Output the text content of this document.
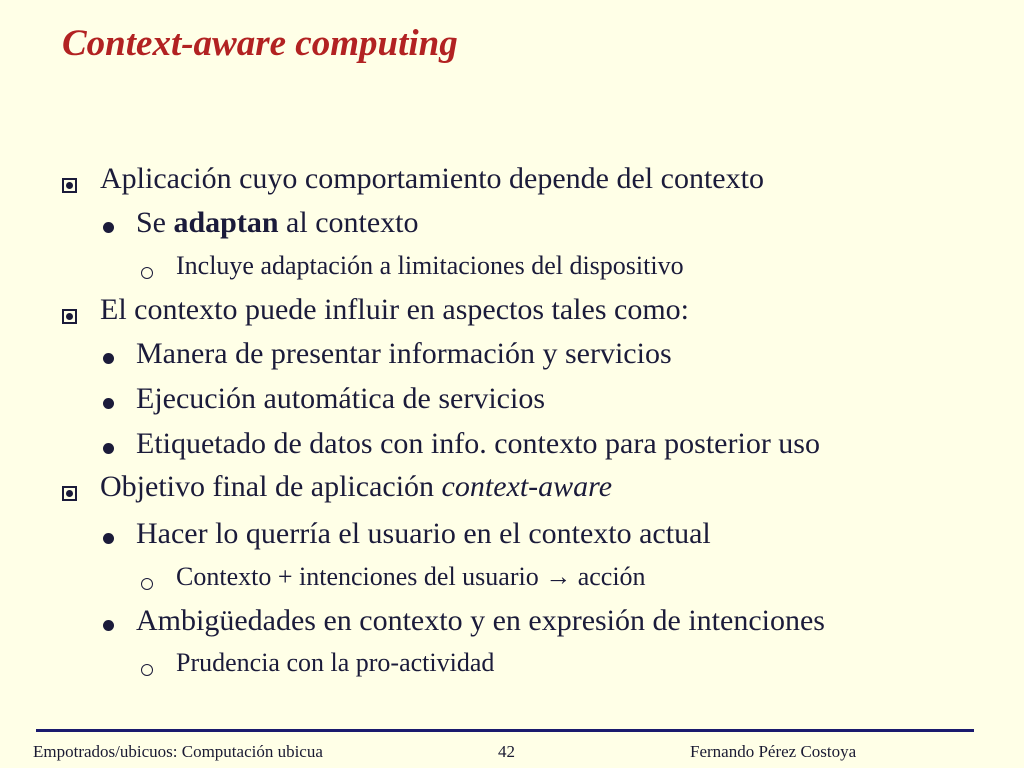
Context-aware computing
Aplicación cuyo comportamiento depende del contexto
Se adaptan al contexto
Incluye adaptación a limitaciones del dispositivo
El contexto puede influir en aspectos tales como:
Manera de presentar información y servicios
Ejecución automática de servicios
Etiquetado de datos con info. contexto para posterior uso
Objetivo final de aplicación context-aware
Hacer lo querría el usuario en el contexto actual
Contexto + intenciones del usuario → acción
Ambigüedades en contexto y en expresión de intenciones
Prudencia con la pro-actividad
Empotrados/ubicuos: Computación ubicua	42	Fernando Pérez Costoya
